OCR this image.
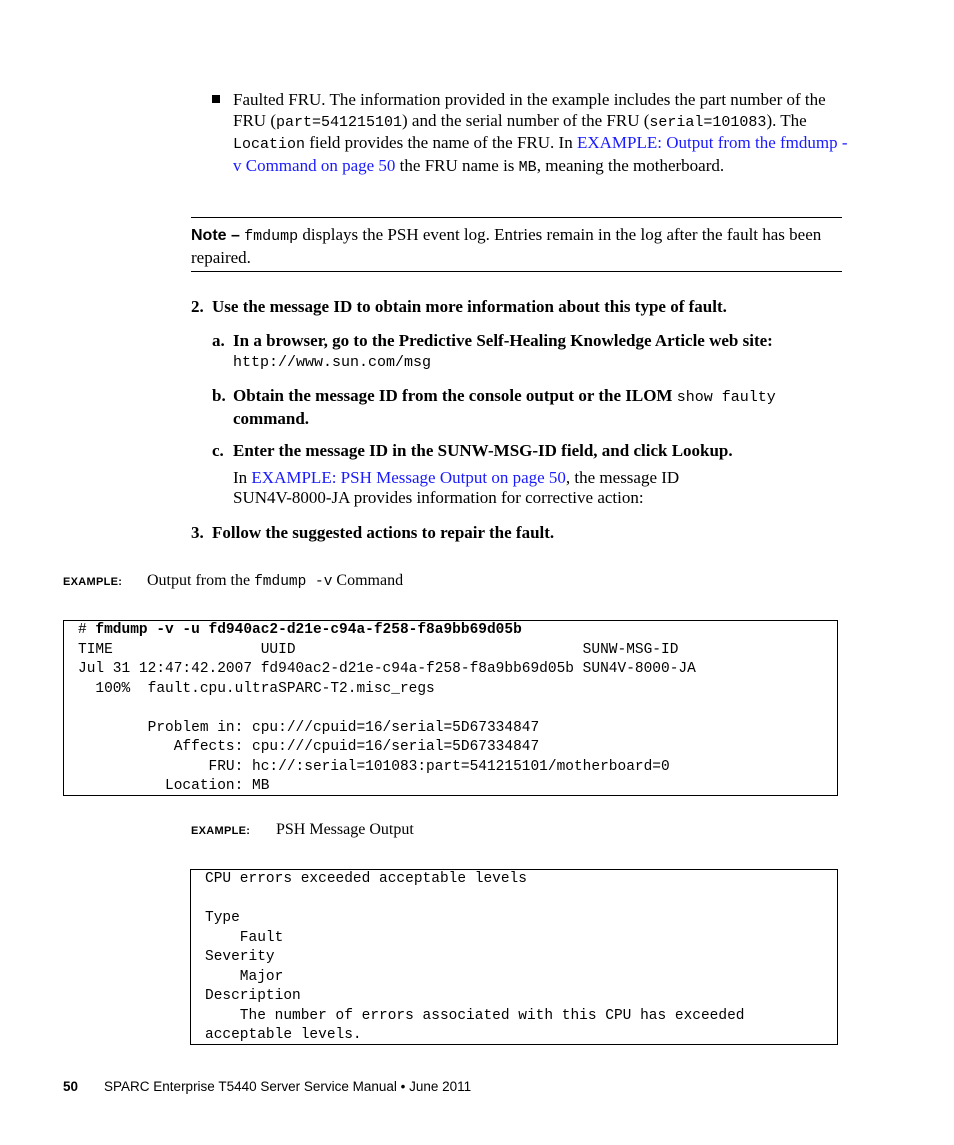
Faulted FRU. The information provided in the example includes the part number of the FRU (part=541215101) and the serial number of the FRU (serial=101083). The Location field provides the name of the FRU. In EXAMPLE: Output from the fmdump -v Command on page 50 the FRU name is MB, meaning the motherboard.

Note – fmdump displays the PSH event log. Entries remain in the log after the fault has been repaired.
2. Use the message ID to obtain more information about this type of fault.

a. In a browser, go to the Predictive Self-Healing Knowledge Article web site:

http://www.sun.com/msg

b. Obtain the message ID from the console output or the ILOM show faulty

command.

c. Enter the message ID in the SUNW-MSG-ID field, and click Lookup.

In EXAMPLE: PSH Message Output on page 50, the message ID

SUN4V-8000-JA provides information for corrective action:

3. Follow the suggested actions to repair the fault.
EXAMPLE: Output from the fmdump -v Command
# fmdump -v -u fd940ac2-d21e-c94a-f258-f8a9bb69d05b
TIME                 UUID                                 SUNW-MSG-ID
Jul 31 12:47:42.2007 fd940ac2-d21e-c94a-f258-f8a9bb69d05b SUN4V-8000-JA
100%  fault.cpu.ultraSPARC-T2.misc_regs

Problem in: cpu:///cpuid=16/serial=5D67334847
Affects: cpu:///cpuid=16/serial=5D67334847
FRU: hc://:serial=101083:part=541215101/motherboard=0
Location: MB
EXAMPLE: PSH Message Output
CPU errors exceeded acceptable levels

Type
Fault
Severity
Major
Description
The number of errors associated with this CPU has exceeded
acceptable levels.
50 SPARC Enterprise T5440 Server Service Manual • June 2011
